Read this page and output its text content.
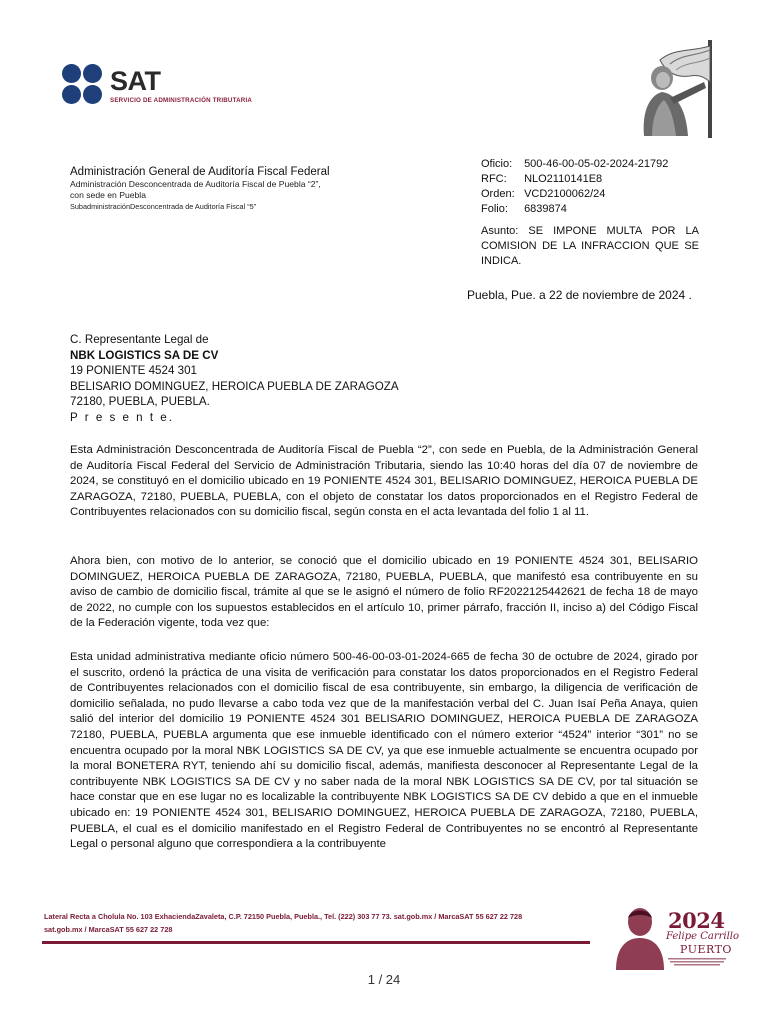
SAT
SERVICIO DE ADMINISTRACIÓN TRIBUTARIA
Administración General de Auditoría Fiscal Federal
Administración Desconcentrada de Auditoría Fiscal de Puebla “2”,
con sede en Puebla
SubadministraciónDesconcentrada de Auditoría Fiscal “5”
Oficio: 500-46-00-05-02-2024-21792
RFC: NLO2110141E8
Orden: VCD2100062/24
Folio: 6839874
Asunto: SE IMPONE MULTA POR LA COMISION DE LA INFRACCION QUE SE INDICA.
Puebla, Pue. a 22 de noviembre de 2024 .
C. Representante Legal de
NBK LOGISTICS SA DE CV
19 PONIENTE 4524 301
BELISARIO DOMINGUEZ, HEROICA PUEBLA DE ZARAGOZA
72180, PUEBLA, PUEBLA.
P r e s e n t e.

Esta Administración Desconcentrada de Auditoría Fiscal de Puebla “2”, con sede en Puebla, de la Administración General de Auditoría Fiscal Federal del Servicio de Administración Tributaria, siendo las 10:40 horas del día 07 de noviembre de 2024, se constituyó en el domicilio ubicado en 19 PONIENTE 4524 301, BELISARIO DOMINGUEZ, HEROICA PUEBLA DE ZARAGOZA, 72180, PUEBLA, PUEBLA, con el objeto de constatar los datos proporcionados en el Registro Federal de Contribuyentes relacionados con su domicilio fiscal, según consta en el acta levantada del folio 1 al 11.

Ahora bien, con motivo de lo anterior, se conoció que el domicilio ubicado en 19 PONIENTE 4524 301, BELISARIO DOMINGUEZ, HEROICA PUEBLA DE ZARAGOZA, 72180, PUEBLA, PUEBLA, que manifestó esa contribuyente en su aviso de cambio de domicilio fiscal, trámite al que se le asignó el número de folio RF2022125442621 de fecha 18 de mayo de 2022, no cumple con los supuestos establecidos en el artículo 10, primer párrafo, fracción II, inciso a) del Código Fiscal de la Federación vigente, toda vez que:

Esta unidad administrativa mediante oficio número 500-46-00-03-01-2024-665 de fecha 30 de octubre de 2024, girado por el suscrito, ordenó la práctica de una visita de verificación para constatar los datos proporcionados en el Registro Federal de Contribuyentes relacionados con el domicilio fiscal de esa contribuyente, sin embargo, la diligencia de verificación de domicilio señalada, no pudo llevarse a cabo toda vez que de la manifestación verbal del C. Juan Isaí Peña Anaya, quien salió del interior del domicilio 19 PONIENTE 4524 301 BELISARIO DOMINGUEZ, HEROICA PUEBLA DE ZARAGOZA 72180, PUEBLA, PUEBLA argumenta que ese inmueble identificado con el número exterior “4524” interior “301” no se encuentra ocupado por la moral NBK LOGISTICS SA DE CV, ya que ese inmueble actualmente se encuentra ocupado por la moral BONETERA RYT, teniendo ahí su domicilio fiscal, además, manifiesta desconocer al Representante Legal de la contribuyente NBK LOGISTICS SA DE CV y no saber nada de la moral NBK LOGISTICS SA DE CV, por tal situación se hace constar que en ese lugar no es localizable la contribuyente NBK LOGISTICS SA DE CV debido a que en el inmueble ubicado en: 19 PONIENTE 4524 301, BELISARIO DOMINGUEZ, HEROICA PUEBLA DE ZARAGOZA, 72180, PUEBLA, PUEBLA, el cual es el domicilio manifestado en el Registro Federal de Contribuyentes no se encontró al Representante Legal o personal alguno que correspondiera a la contribuyente

Lateral Recta a Cholula No. 103 ExhaciendaZavaleta, C.P. 72150 Puebla, Puebla., Tel. (222) 303 77 73. sat.gob.mx / MarcaSAT 55 627 22 728
sat.gob.mx / MarcaSAT 55 627 22 728	2024
Felipe Carrillo
PUERTO
1 / 24
